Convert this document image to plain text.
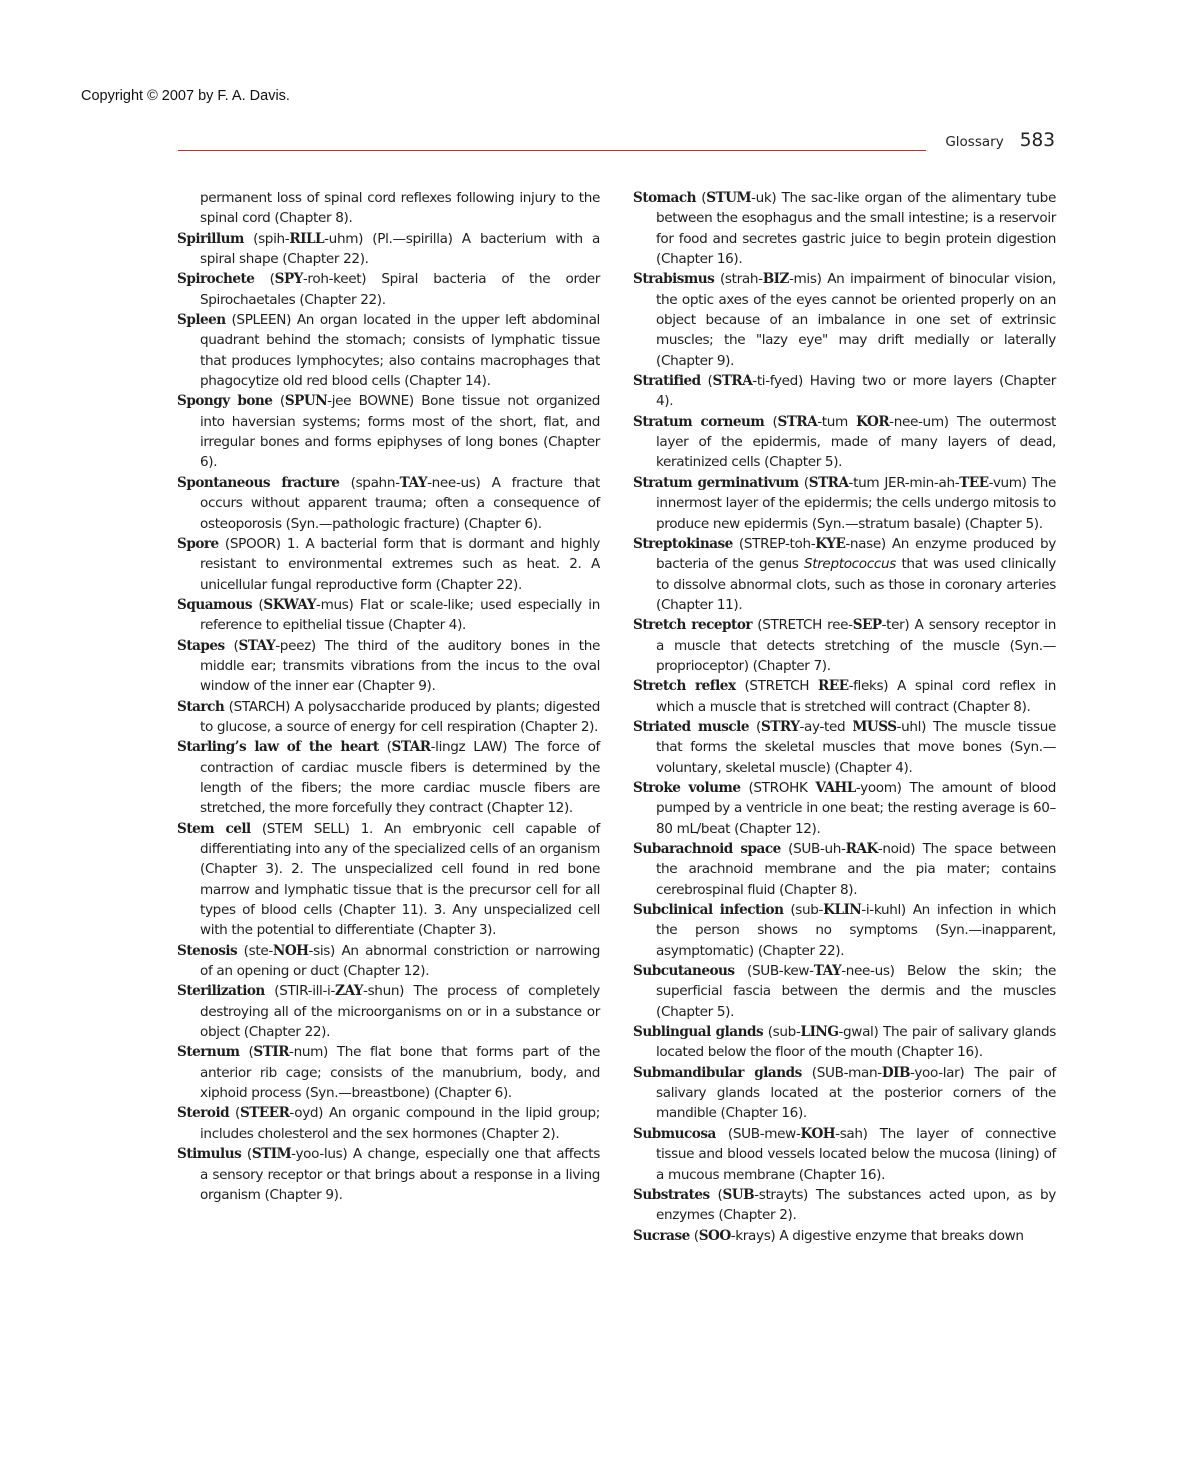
Copyright © 2007 by F. A. Davis.
Glossary 583

permanent loss of spinal cord reflexes following injury to the spinal cord (Chapter 8).

Spirillum (spih-RILL-uhm) (Pl.—spirilla) A bacterium with a spiral shape (Chapter 22).

Spirochete (SPY-roh-keet) Spiral bacteria of the order Spirochaetales (Chapter 22).

Spleen (SPLEEN) An organ located in the upper left abdominal quadrant behind the stomach; consists of lymphatic tissue that produces lymphocytes; also contains macrophages that phagocytize old red blood cells (Chapter 14).

Spongy bone (SPUN-jee BOWNE) Bone tissue not organized into haversian systems; forms most of the short, flat, and irregular bones and forms epiphyses of long bones (Chapter 6).

Spontaneous fracture (spahn-TAY-nee-us) A fracture that occurs without apparent trauma; often a consequence of osteoporosis (Syn.—pathologic fracture) (Chapter 6).

Spore (SPOOR) 1. A bacterial form that is dormant and highly resistant to environmental extremes such as heat. 2. A unicellular fungal reproductive form (Chapter 22).

Squamous (SKWAY-mus) Flat or scale-like; used especially in reference to epithelial tissue (Chapter 4).

Stapes (STAY-peez) The third of the auditory bones in the middle ear; transmits vibrations from the incus to the oval window of the inner ear (Chapter 9).

Starch (STARCH) A polysaccharide produced by plants; digested to glucose, a source of energy for cell respiration (Chapter 2).

Starling’s law of the heart (STAR-lingz LAW) The force of contraction of cardiac muscle fibers is determined by the length of the fibers; the more cardiac muscle fibers are stretched, the more forcefully they contract (Chapter 12).

Stem cell (STEM SELL) 1. An embryonic cell capable of differentiating into any of the specialized cells of an organism (Chapter 3). 2. The unspecialized cell found in red bone marrow and lymphatic tissue that is the precursor cell for all types of blood cells (Chapter 11). 3. Any unspecialized cell with the potential to differentiate (Chapter 3).

Stenosis (ste-NOH-sis) An abnormal constriction or narrowing of an opening or duct (Chapter 12).

Sterilization (STIR-ill-i-ZAY-shun) The process of completely destroying all of the microorganisms on or in a substance or object (Chapter 22).

Sternum (STIR-num) The flat bone that forms part of the anterior rib cage; consists of the manubrium, body, and xiphoid process (Syn.—breastbone) (Chapter 6).

Steroid (STEER-oyd) An organic compound in the lipid group; includes cholesterol and the sex hormones (Chapter 2).

Stimulus (STIM-yoo-lus) A change, especially one that affects a sensory receptor or that brings about a response in a living organism (Chapter 9).

Stomach (STUM-uk) The sac-like organ of the alimentary tube between the esophagus and the small intestine; is a reservoir for food and secretes gastric juice to begin protein digestion (Chapter 16).

Strabismus (strah-BIZ-mis) An impairment of binocular vision, the optic axes of the eyes cannot be oriented properly on an object because of an imbalance in one set of extrinsic muscles; the "lazy eye" may drift medially or laterally (Chapter 9).

Stratified (STRA-ti-fyed) Having two or more layers (Chapter 4).

Stratum corneum (STRA-tum KOR-nee-um) The outermost layer of the epidermis, made of many layers of dead, keratinized cells (Chapter 5).

Stratum germinativum (STRA-tum JER-min-ah-TEE-vum) The innermost layer of the epidermis; the cells undergo mitosis to produce new epidermis (Syn.—stratum basale) (Chapter 5).

Streptokinase (STREP-toh-KYE-nase) An enzyme produced by bacteria of the genus Streptococcus that was used clinically to dissolve abnormal clots, such as those in coronary arteries (Chapter 11).

Stretch receptor (STRETCH ree-SEP-ter) A sensory receptor in a muscle that detects stretching of the muscle (Syn.—proprioceptor) (Chapter 7).

Stretch reflex (STRETCH REE-fleks) A spinal cord reflex in which a muscle that is stretched will contract (Chapter 8).

Striated muscle (STRY-ay-ted MUSS-uhl) The muscle tissue that forms the skeletal muscles that move bones (Syn.—voluntary, skeletal muscle) (Chapter 4).

Stroke volume (STROHK VAHL-yoom) The amount of blood pumped by a ventricle in one beat; the resting average is 60–80 mL/beat (Chapter 12).

Subarachnoid space (SUB-uh-RAK-noid) The space between the arachnoid membrane and the pia mater; contains cerebrospinal fluid (Chapter 8).

Subclinical infection (sub-KLIN-i-kuhl) An infection in which the person shows no symptoms (Syn.—inapparent, asymptomatic) (Chapter 22).

Subcutaneous (SUB-kew-TAY-nee-us) Below the skin; the superficial fascia between the dermis and the muscles (Chapter 5).

Sublingual glands (sub-LING-gwal) The pair of salivary glands located below the floor of the mouth (Chapter 16).

Submandibular glands (SUB-man-DIB-yoo-lar) The pair of salivary glands located at the posterior corners of the mandible (Chapter 16).

Submucosa (SUB-mew-KOH-sah) The layer of connective tissue and blood vessels located below the mucosa (lining) of a mucous membrane (Chapter 16).

Substrates (SUB-strayts) The substances acted upon, as by enzymes (Chapter 2).

Sucrase (SOO-krays) A digestive enzyme that breaks down
